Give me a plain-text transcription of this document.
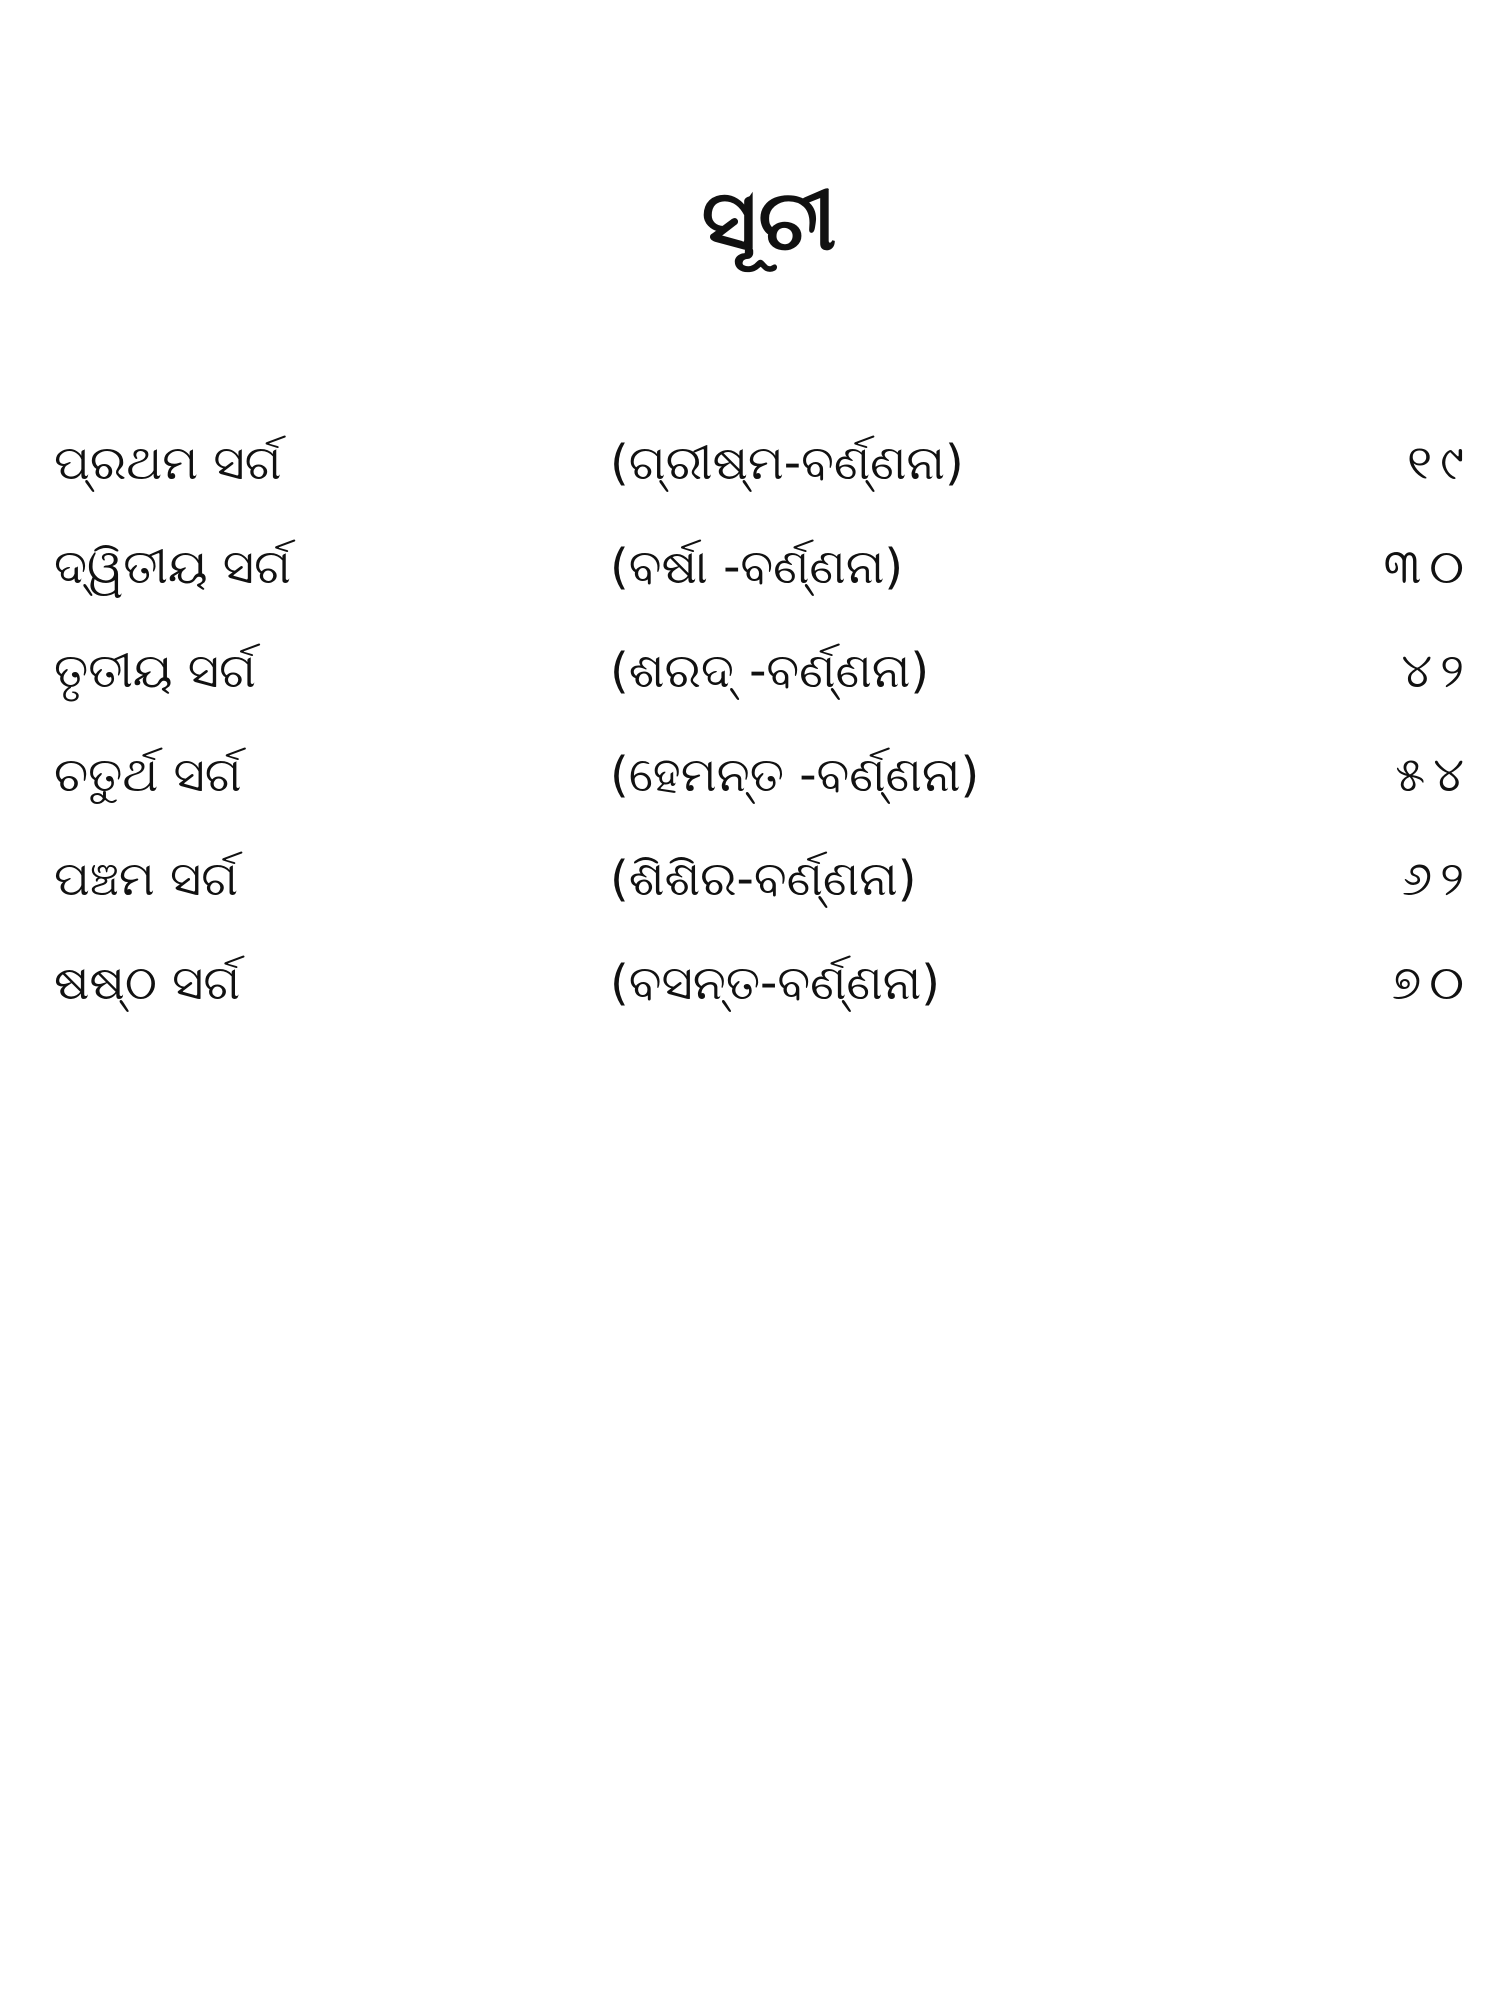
ସୂଚୀ
ପ୍ରଥମ ସର୍ଗ	(ଗ୍ରୀଷ୍ମ-ବର୍ଣ୍ଣନା)	୧୯
ଦ୍ୱିତୀୟ ସର୍ଗ	(ବର୍ଷା -ବର୍ଣ୍ଣନା)	୩୦
ତୃତୀୟ ସର୍ଗ	(ଶରଦ୍ -ବର୍ଣ୍ଣନା)	୪୨
ଚତୁର୍ଥ ସର୍ଗ	(ହେମନ୍ତ -ବର୍ଣ୍ଣନା)	୫୪
ପଞ୍ଚମ ସର୍ଗ	(ଶିଶିର-ବର୍ଣ୍ଣନା)	୬୨
ଷଷ୍ଠ ସର୍ଗ	(ବସନ୍ତ-ବର୍ଣ୍ଣନା)	୭୦
